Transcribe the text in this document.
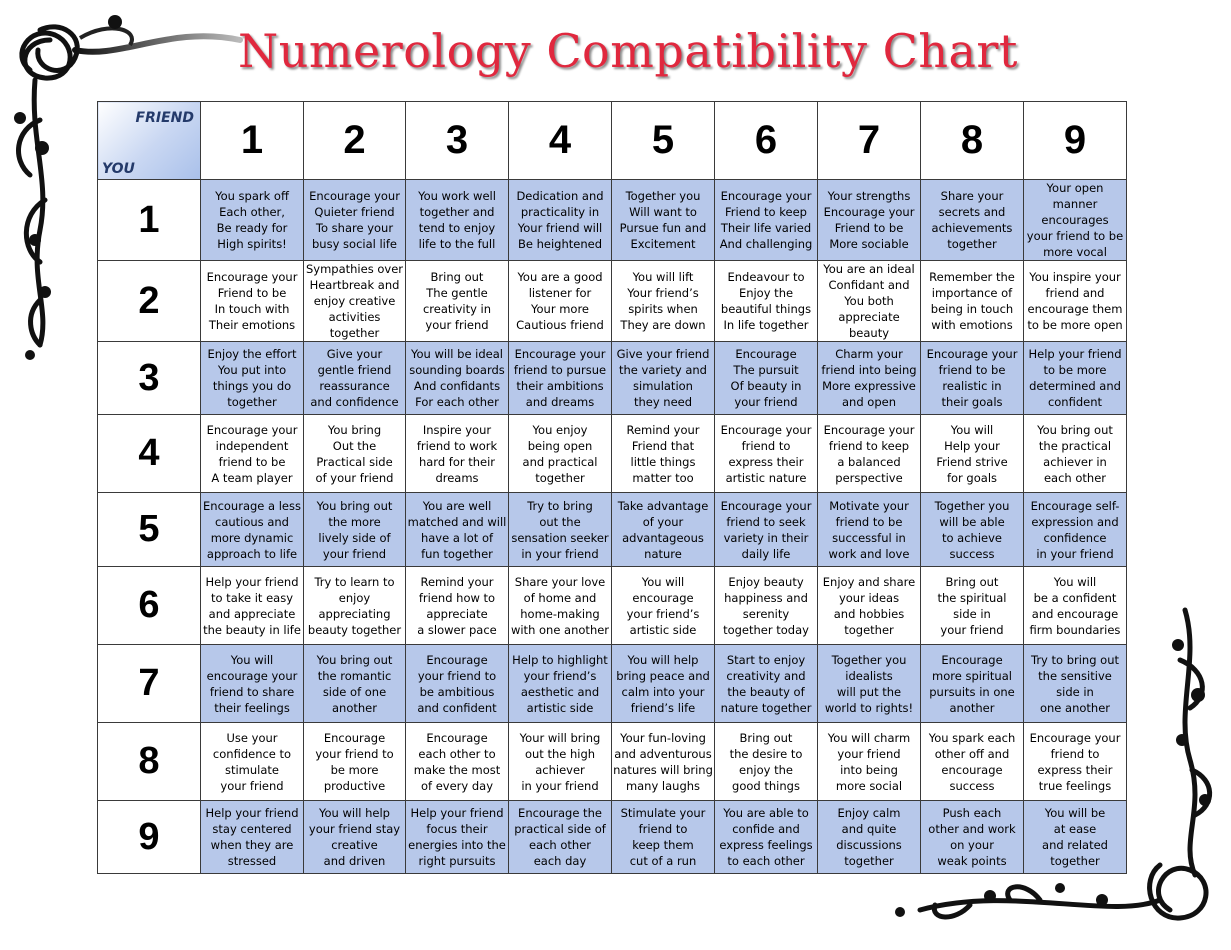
Numerology Compatibility Chart
FRIEND
YOU	1	2	3	4	5	6	7	8	9
1	You spark off
Each other,
Be ready for
High spirits!	Encourage your
Quieter friend
To share your
busy social life	You work well
together and
tend to enjoy
life to the full	Dedication and
practicality in
Your friend will
Be heightened	Together you
Will want to
Pursue fun and
Excitement	Encourage your
Friend to keep
Their life varied
And challenging	Your strengths
Encourage your
Friend to be
More sociable	Share your
secrets and
achievements
together	Your open manner
encourages
your friend to be
more vocal
2	Encourage your
Friend to be
In touch with
Their emotions	Sympathies over
Heartbreak and
enjoy creative
activities together	Bring out
The gentle
creativity in
your friend	You are a good
listener for
Your more
Cautious friend	You will lift
Your friend’s
spirits when
They are down	Endeavour to
Enjoy the
beautiful things
In life together	You are an ideal
Confidant and
You both
appreciate beauty	Remember the
importance of
being in touch
with emotions	You inspire your
friend and
encourage them
to be more open
3	Enjoy the effort
You put into
things you do
together	Give your
gentle friend
reassurance
and confidence	You will be ideal
sounding boards
And confidants
For each other	Encourage your
friend to pursue
their ambitions
and dreams	Give your friend
the variety and
simulation
they need	Encourage
The pursuit
Of beauty in
your friend	Charm your
friend into being
More expressive
and open	Encourage your
friend to be
realistic in
their goals	Help your friend
to be more
determined and
confident
4	Encourage your
independent
friend to be
A team player	You bring
Out the
Practical side
of your friend	Inspire your
friend to work
hard for their
dreams	You enjoy
being open
and practical
together	Remind your
Friend that
little things
matter too	Encourage your
friend to
express their
artistic nature	Encourage your
friend to keep
a balanced
perspective	You will
Help your
Friend strive
for goals	You bring out
the practical
achiever in
each other
5	Encourage a less
cautious and
more dynamic
approach to life	You bring out
the more
lively side of
your friend	You are well
matched and will
have a lot of
fun together	Try to bring
out the
sensation seeker
in your friend	Take advantage
of your
advantageous
nature	Encourage your
friend to seek
variety in their
daily life	Motivate your
friend to be
successful in
work and love	Together you
will be able
to achieve
success	Encourage self-
expression and
confidence
in your friend
6	Help your friend
to take it easy
and appreciate
the beauty in life	Try to learn to
enjoy
appreciating
beauty together	Remind your
friend how to
appreciate
a slower pace	Share your love
of home and
home-making
with one another	You will
encourage
your friend’s
artistic side	Enjoy beauty
happiness and
serenity
together today	Enjoy and share
your ideas
and hobbies
together	Bring out
the spiritual
side in
your friend	You will
be a confident
and encourage
firm boundaries
7	You will
encourage your
friend to share
their feelings	You bring out
the romantic
side of one
another	Encourage
your friend to
be ambitious
and confident	Help to highlight
your friend’s
aesthetic and
artistic side	You will help
bring peace and
calm into your
friend’s life	Start to enjoy
creativity and
the beauty of
nature together	Together you
idealists
will put the
world to rights!	Encourage
more spiritual
pursuits in one
another	Try to bring out
the sensitive
side in
one another
8	Use your
confidence to
stimulate
your friend	Encourage
your friend to
be more
productive	Encourage
each other to
make the most
of every day	Your will bring
out the high
achiever
in your friend	Your fun-loving
and adventurous
natures will bring
many laughs	Bring out
the desire to
enjoy the
good things	You will charm
your friend
into being
more social	You spark each
other off and
encourage
success	Encourage your
friend to
express their
true feelings
9	Help your friend
stay centered
when they are
stressed	You will help
your friend stay
creative
and driven	Help your friend
focus their
energies into the
right pursuits	Encourage the
practical side of
each other
each day	Stimulate your
friend to
keep them
cut of a run	You are able to
confide and
express feelings
to each other	Enjoy calm
and quite
discussions
together	Push each
other and work
on your
weak points	You will be
at ease
and related
together
